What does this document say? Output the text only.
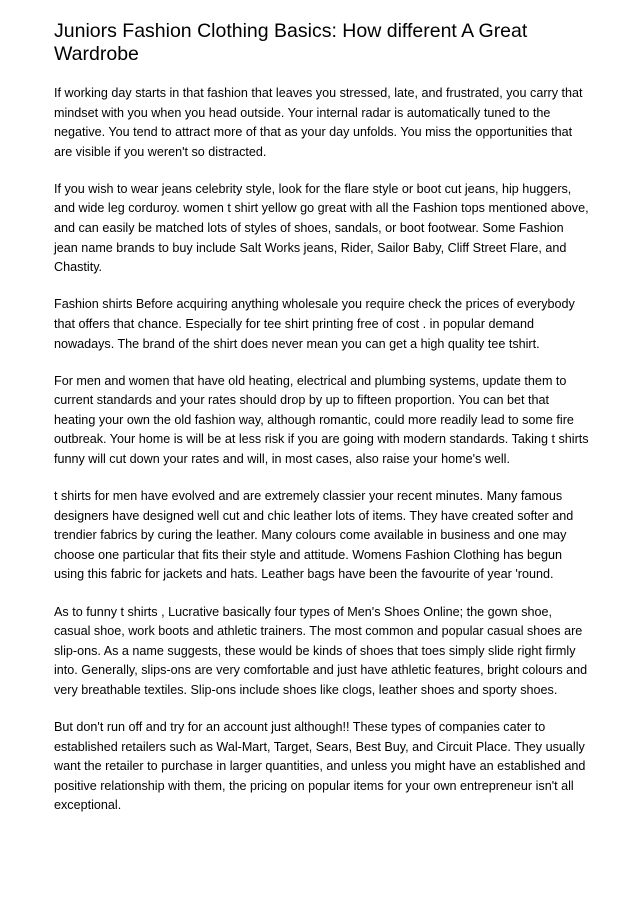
Juniors Fashion Clothing Basics: How different A Great Wardrobe

If working day starts in that fashion that leaves you stressed, late, and frustrated, you carry that mindset with you when you head outside. Your internal radar is automatically tuned to the negative. You tend to attract more of that as your day unfolds. You miss the opportunities that are visible if you weren't so distracted.

If you wish to wear jeans celebrity style, look for the flare style or boot cut jeans, hip huggers, and wide leg corduroy. women t shirt yellow go great with all the Fashion tops mentioned above, and can easily be matched lots of styles of shoes, sandals, or boot footwear. Some Fashion jean name brands to buy include Salt Works jeans, Rider, Sailor Baby, Cliff Street Flare, and Chastity.

Fashion shirts Before acquiring anything wholesale you require check the prices of everybody that offers that chance. Especially for tee shirt printing free of cost . in popular demand nowadays. The brand of the shirt does never mean you can get a high quality tee tshirt.

For men and women that have old heating, electrical and plumbing systems, update them to current standards and your rates should drop by up to fifteen proportion. You can bet that heating your own the old fashion way, although romantic, could more readily lead to some fire outbreak. Your home is will be at less risk if you are going with modern standards. Taking t shirts funny will cut down your rates and will, in most cases, also raise your home's well.

t shirts for men have evolved and are extremely classier your recent minutes. Many famous designers have designed well cut and chic leather lots of items. They have created softer and trendier fabrics by curing the leather. Many colours come available in business and one may choose one particular that fits their style and attitude. Womens Fashion Clothing has begun using this fabric for jackets and hats. Leather bags have been the favourite of year 'round.

As to funny t shirts , Lucrative basically four types of Men's Shoes Online; the gown shoe, casual shoe, work boots and athletic trainers. The most common and popular casual shoes are slip-ons. As a name suggests, these would be kinds of shoes that toes simply slide right firmly into. Generally, slips-ons are very comfortable and just have athletic features, bright colours and very breathable textiles. Slip-ons include shoes like clogs, leather shoes and sporty shoes.

But don't run off and try for an account just although!! These types of companies cater to established retailers such as Wal-Mart, Target, Sears, Best Buy, and Circuit Place. They usually want the retailer to purchase in larger quantities, and unless you might have an established and positive relationship with them, the pricing on popular items for your own entrepreneur isn't all exceptional.
